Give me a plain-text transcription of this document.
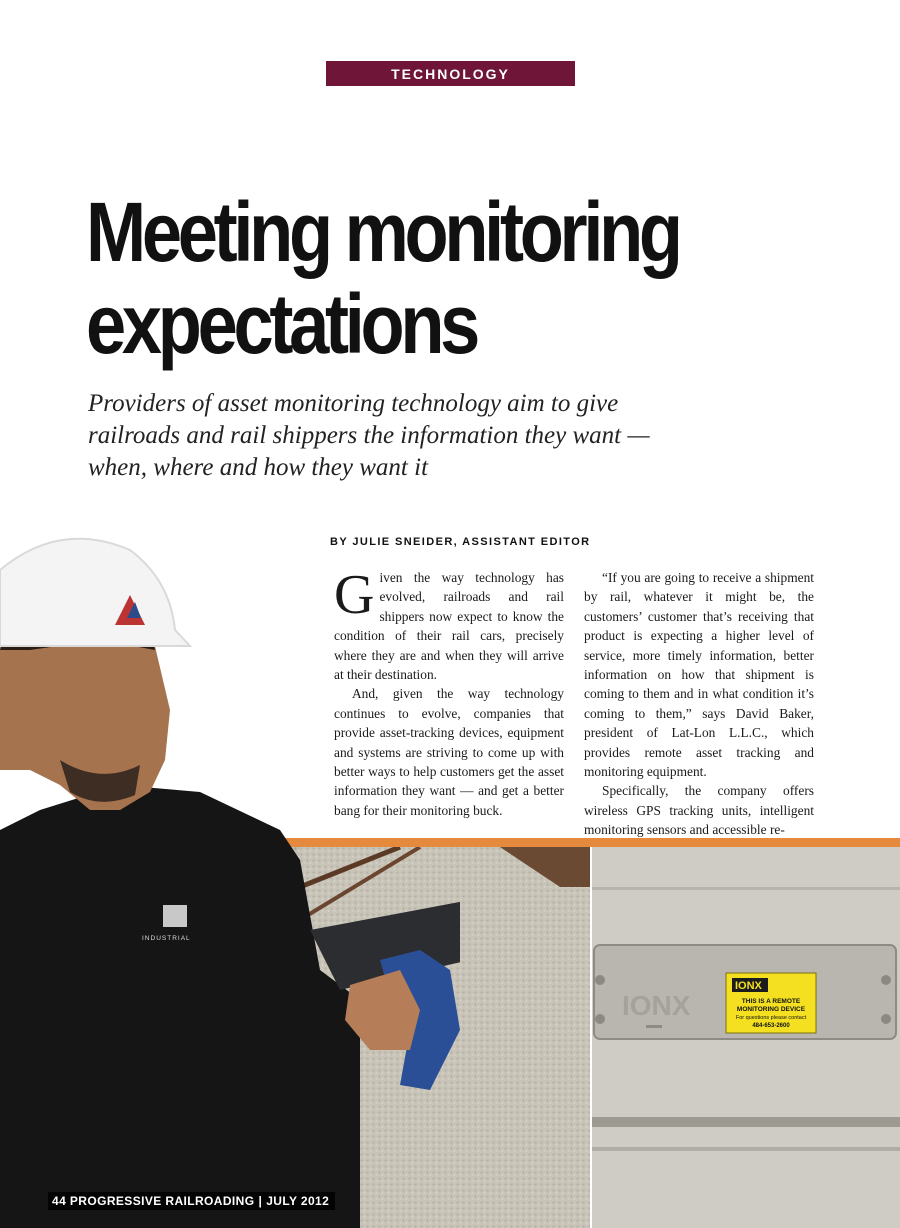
TECHNOLOGY
Meeting monitoring
expectations

Providers of asset monitoring technology aim to give
railroads and rail shippers the information they want —
when, where and how they want it

BY JULIE SNEIDER, ASSISTANT EDITOR

Given the way technology has evolved, railroads and rail shippers now expect to know the condition of their rail cars, precisely where they are and when they will arrive at their destination.

And, given the way technology continues to evolve, companies that provide asset-tracking devices, equipment and systems are striving to come up with better ways to help customers get the asset information they want — and get a better bang for their monitoring buck.

“If you are going to receive a shipment by rail, whatever it might be, the customers’ customer that’s receiving that product is expecting a higher level of service, more timely information, better information on how that shipment is coming to them and in what condition it’s coming to them,” says David Baker, president of Lat-Lon L.L.C., which provides remote asset tracking and monitoring equipment.

Specifically, the company offers wireless GPS tracking units, intelligent monitoring sensors and accessible re-

IONX
IONX
THIS IS A REMOTE
MONITORING DEVICE
For questions please contact
484-653-2600
INDUSTRIAL
44 PROGRESSIVE RAILROADING | JULY 2012
